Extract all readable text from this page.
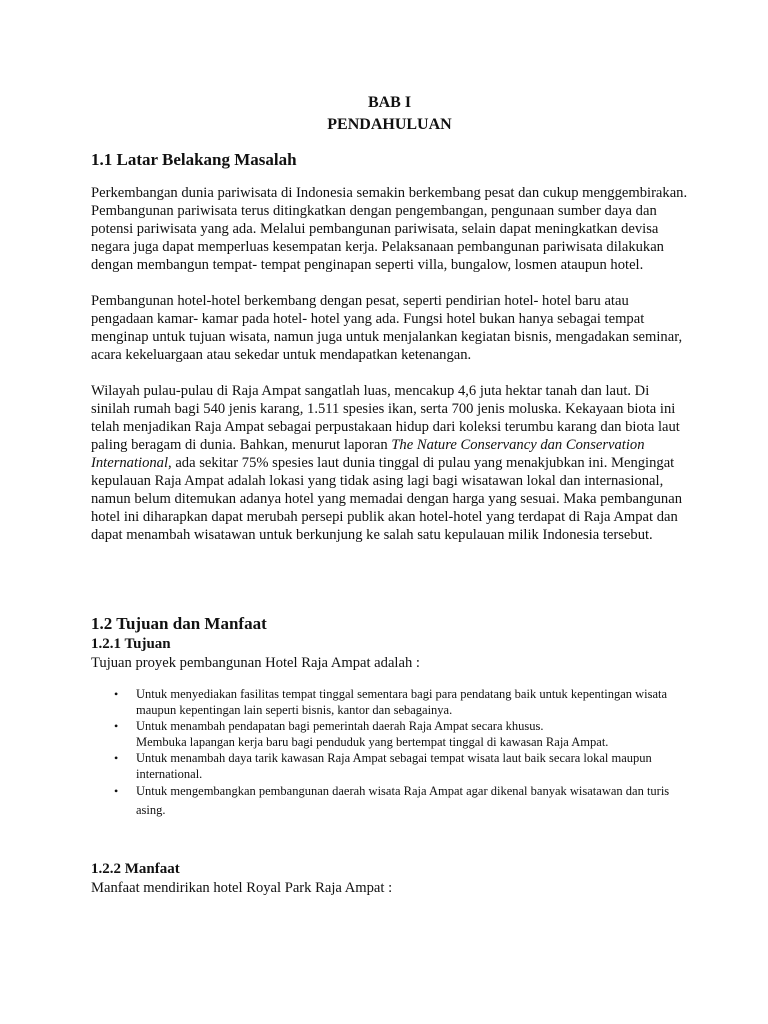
BAB I

PENDAHULUAN

1.1 Latar Belakang Masalah

Perkembangan dunia pariwisata di Indonesia semakin berkembang pesat dan cukup menggembirakan. Pembangunan pariwisata terus ditingkatkan dengan pengembangan, pengunaan sumber daya dan potensi pariwisata yang ada. Melalui pembangunan pariwisata, selain dapat meningkatkan devisa negara juga dapat memperluas kesempatan kerja. Pelaksanaan pembangunan pariwisata dilakukan dengan membangun tempat- tempat penginapan seperti villa, bungalow, losmen ataupun hotel.

Pembangunan hotel-hotel berkembang dengan pesat, seperti pendirian hotel- hotel baru atau pengadaan kamar- kamar pada hotel- hotel yang ada. Fungsi hotel bukan hanya sebagai tempat menginap untuk tujuan wisata, namun juga untuk menjalankan kegiatan bisnis, mengadakan seminar, acara kekeluargaan atau sekedar untuk mendapatkan ketenangan.

Wilayah pulau-pulau di Raja Ampat sangatlah luas, mencakup 4,6 juta hektar tanah dan laut. Di sinilah rumah bagi 540 jenis karang, 1.511 spesies ikan, serta 700 jenis moluska. Kekayaan biota ini telah menjadikan Raja Ampat sebagai perpustakaan hidup dari koleksi terumbu karang dan biota laut paling beragam di dunia. Bahkan, menurut laporan The Nature Conservancy dan Conservation International, ada sekitar 75% spesies laut dunia tinggal di pulau yang menakjubkan ini. Mengingat kepulauan Raja Ampat adalah lokasi yang tidak asing lagi bagi wisatawan lokal dan internasional, namun belum ditemukan adanya hotel yang memadai dengan harga yang sesuai. Maka pembangunan hotel ini diharapkan dapat merubah persepi publik akan hotel-hotel yang terdapat di Raja Ampat dan dapat menambah wisatawan untuk berkunjung ke salah satu kepulauan milik Indonesia tersebut.

1.2 Tujuan dan Manfaat

1.2.1 Tujuan

Tujuan proyek pembangunan Hotel Raja Ampat adalah :

• Untuk menyediakan fasilitas tempat tinggal sementara bagi para pendatang baik untuk kepentingan wisata maupun kepentingan lain seperti bisnis, kantor dan sebagainya.
• Untuk menambah pendapatan bagi pemerintah daerah Raja Ampat secara khusus.
Membuka lapangan kerja baru bagi penduduk yang bertempat tinggal di kawasan Raja Ampat.
• Untuk menambah daya tarik kawasan Raja Ampat sebagai tempat wisata laut baik secara lokal maupun international.
• Untuk mengembangkan pembangunan daerah wisata Raja Ampat agar dikenal banyak wisatawan dan turis asing.

1.2.2 Manfaat

Manfaat mendirikan hotel Royal Park Raja Ampat :
